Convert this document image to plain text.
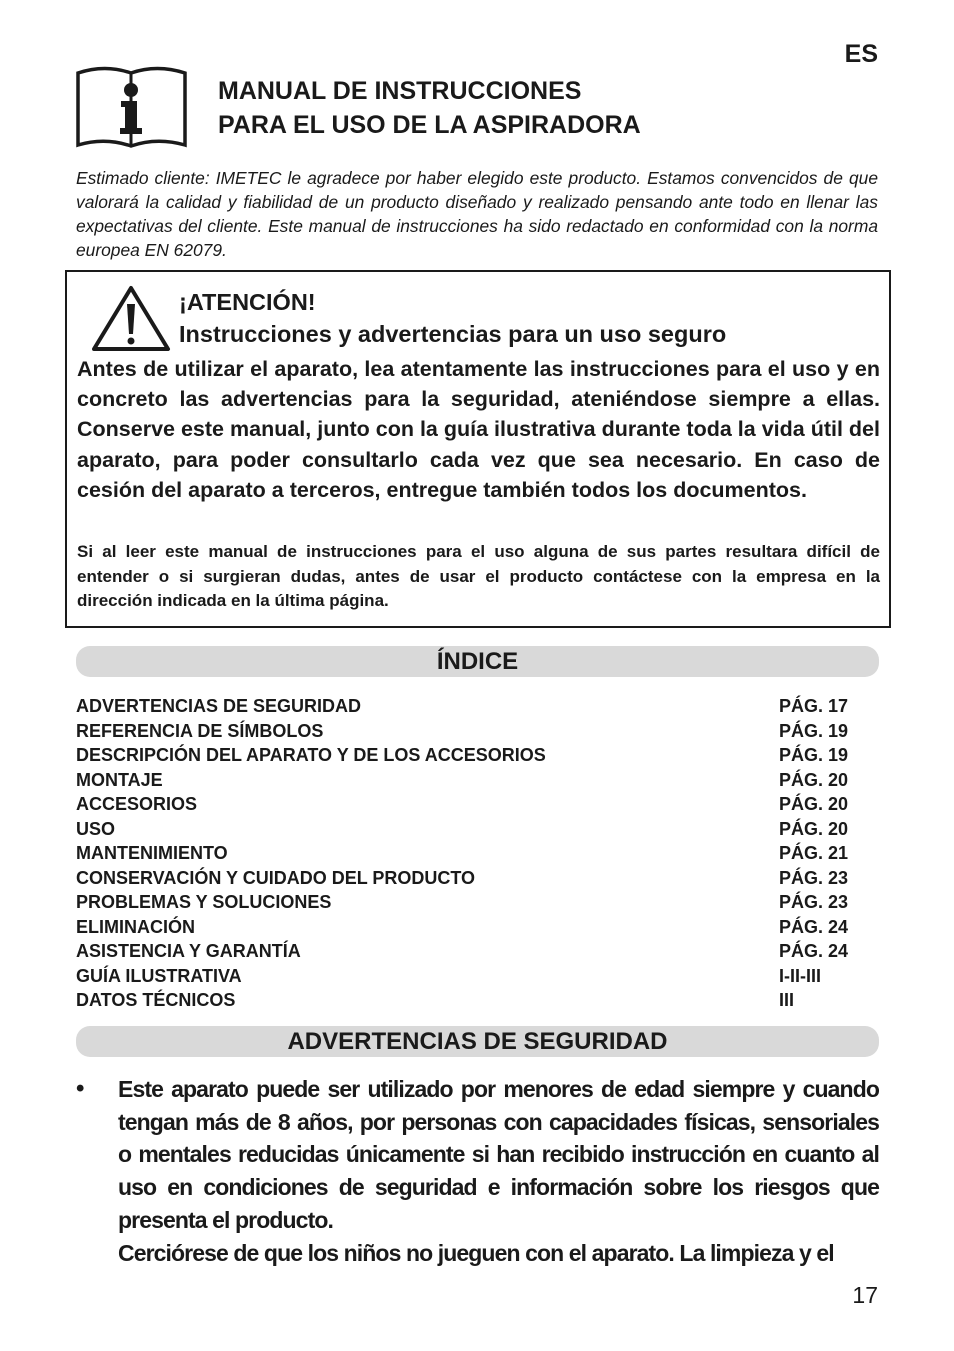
ES
MANUAL DE INSTRUCCIONES
PARA EL USO DE LA ASPIRADORA

Estimado cliente: IMETEC le agradece por haber elegido este producto. Estamos convencidos de que valorará la calidad y fiabilidad de un producto diseñado y realizado pensando ante todo en llenar las expectativas del cliente. Este manual de instrucciones ha sido redactado en conformidad con la norma europea EN 62079.

¡ATENCIÓN!
Instrucciones y advertencias para un uso seguro

Antes de utilizar el aparato, lea atentamente las instrucciones para el uso y en concreto las advertencias para la seguridad, ateniéndose siempre a ellas. Conserve este manual, junto con la guía ilustrativa durante toda la vida útil del aparato, para poder consultarlo cada vez que sea necesario. En caso de cesión del aparato a terceros, entregue también todos los documentos.

Si al leer este manual de instrucciones para el uso alguna de sus partes resultara difícil de entender o si surgieran dudas, antes de usar el producto contáctese con la empresa en la dirección indicada en la última página.

ÍNDICE
ADVERTENCIAS DE SEGURIDAD	PÁG. 17
REFERENCIA DE SÍMBOLOS	PÁG. 19
DESCRIPCIÓN DEL APARATO Y DE LOS ACCESORIOS	PÁG. 19
MONTAJE	PÁG. 20
ACCESORIOS	PÁG. 20
USO	PÁG. 20
MANTENIMIENTO	PÁG. 21
CONSERVACIÓN Y CUIDADO DEL PRODUCTO	PÁG. 23
PROBLEMAS Y SOLUCIONES	PÁG. 23
ELIMINACIÓN	PÁG. 24
ASISTENCIA Y GARANTÍA	PÁG. 24
GUÍA ILUSTRATIVA	I-II-III
DATOS TÉCNICOS	III
ADVERTENCIAS DE SEGURIDAD
• Este aparato puede ser utilizado por menores de edad siempre y cuando tengan más de 8 años, por personas con capacidades físicas, sensoriales o mentales reducidas únicamente si han recibido instrucción en cuanto al uso en condiciones de seguridad e información sobre los riesgos que presenta el producto.

Cerciórese de que los niños no jueguen con el aparato. La limpieza y el

17
